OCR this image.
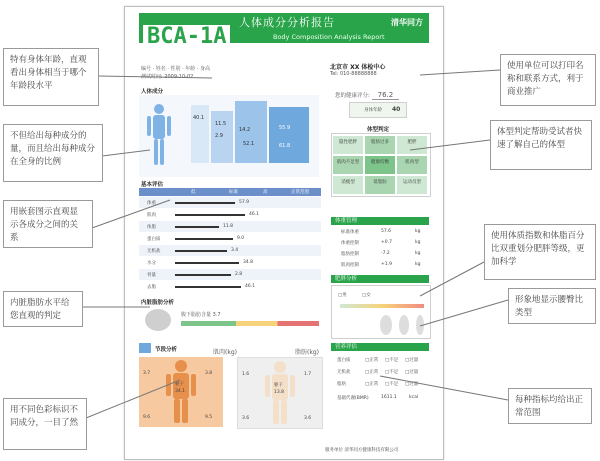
人体成分分析报告	清华同方
Body Composition Analysis Report
BCA-1A
编号 · 姓名 · 性别 · 年龄 · 身高
测试时间: 2009-10-02
北京市 XX 体检中心
Tel: 010-88888888
人体成分
40.1
11.5
2.9
14.2
52.1
55.9
61.8
您的健康评分: 76.2
身体年龄 40
体型判定
隐性肥胖	脂肪过多	肥胖
肌肉不足型	健康均衡	肌肉型
消瘦型	低脂肪	运动员型
基本评估
低	标准	高	正常范围
体重	57.9
肌肉	46.1
体脂	11.8
蛋白质	9.0
无机盐	3.4
水分	34.8
骨量	2.8
去脂	46.1
体重管理
标准体重	57.6	kg
体重控制	+0.7	kg
脂肪控制	-7.2	kg
肌肉控制	+1.9	kg
肥胖分析
□男	□女
内脏脂肪分析
腹下脂肪含量 3.7
节段分析	肌肉(kg)	脂肪(kg)
3.7	3.8
躯干
34.1
9.6	9.5
1.6	1.7
躯干
13.8
3.6	3.6
营养评估
蛋白质	□正常 □不足 □过量
无机盐	□正常 □不足 □过量
脂肪	□正常 □不足 □过量
基础代谢(BMR)	1611.1	kcal
服务单位 清华同方健康科技有限公司
特有身体年龄，直观看出身体相当于哪个年龄段水平
不但给出每种成分的量，而且给出每种成分在全身的比例
用嵌套图示直观显示各成分之间的关系
内脏脂肪水平给您直观的判定
用不同色彩标识不同成分，一目了然
使用单位可以打印名称和联系方式，利于商业推广
体型判定帮助受试者快速了解自己的体型
使用体质指数和体脂百分比双重划分肥胖等级，更加科学
形象地显示腰臀比类型
每种指标均给出正常范围
